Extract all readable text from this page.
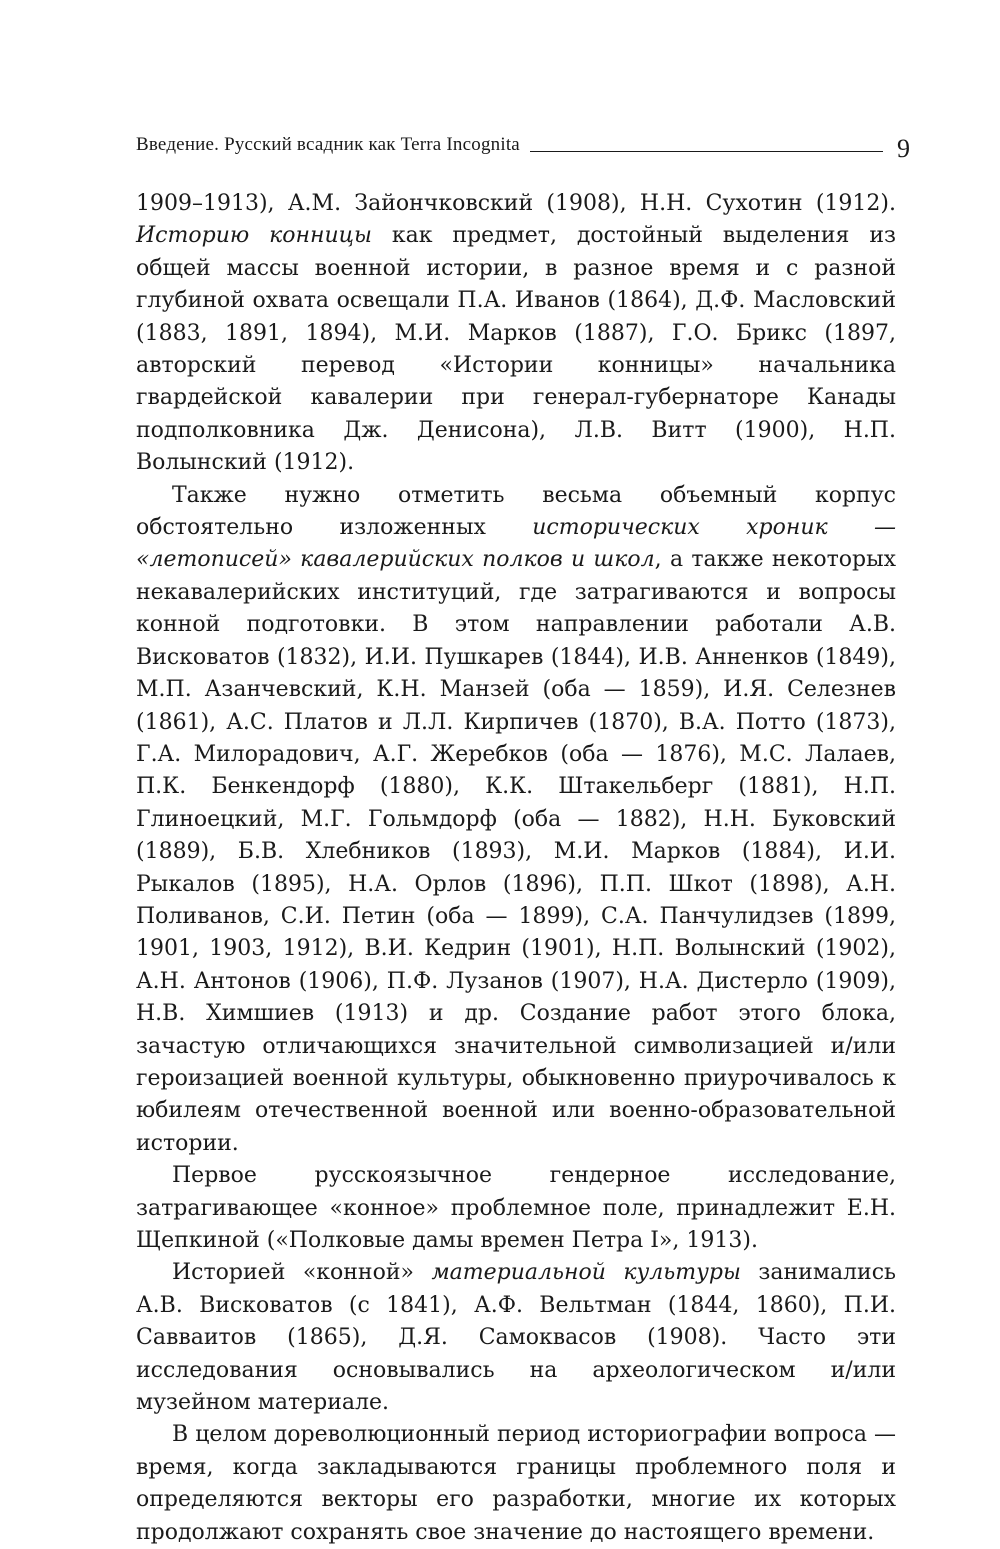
Введение. Русский всадник как Terra Incognita	9

1909–1913), А.М. Зайончковский (1908), Н.Н. Сухотин (1912). Историю конницы как предмет, достойный выделения из общей массы военной истории, в разное время и с разной глубиной охвата освещали П.А. Иванов (1864), Д.Ф. Масловский (1883, 1891, 1894), М.И. Марков (1887), Г.О. Брикс (1897, авторский перевод «Истории конницы» начальника гвардейской кавалерии при генерал-губернаторе Канады подполковника Дж. Денисона), Л.В. Витт (1900), Н.П. Волынский (1912).

Также нужно отметить весьма объемный корпус обстоятельно изложенных исторических хроник — «летописей» кавалерийских полков и школ, а также некоторых некавалерийских институций, где затрагиваются и вопросы конной подготовки. В этом направлении работали А.В. Висковатов (1832), И.И. Пушкарев (1844), И.В. Анненков (1849), М.П. Азанчевский, К.Н. Манзей (оба — 1859), И.Я. Селезнев (1861), А.С. Платов и Л.Л. Кирпичев (1870), В.А. Потто (1873), Г.А. Милорадович, А.Г. Жеребков (оба — 1876), М.С. Лалаев, П.К. Бенкендорф (1880), К.К. Штакельберг (1881), Н.П. Глиноецкий, М.Г. Гольмдорф (оба — 1882), Н.Н. Буковский (1889), Б.В. Хлебников (1893), М.И. Марков (1884), И.И. Рыкалов (1895), Н.А. Орлов (1896), П.П. Шкот (1898), А.Н. Поливанов, С.И. Петин (оба — 1899), С.А. Панчулидзев (1899, 1901, 1903, 1912), В.И. Кедрин (1901), Н.П. Волынский (1902), А.Н. Антонов (1906), П.Ф. Лузанов (1907), Н.А. Дистерло (1909), Н.В. Химшиев (1913) и др. Создание работ этого блока, зачастую отличающихся значительной символизацией и/или героизацией военной культуры, обыкновенно приурочивалось к юбилеям отечественной военной или военно-образовательной истории.

Первое русскоязычное гендерное исследование, затрагивающее «конное» проблемное поле, принадлежит Е.Н. Щепкиной («Полковые дамы времен Петра I», 1913).

Историей «конной» материальной культуры занимались А.В. Висковатов (с 1841), А.Ф. Вельтман (1844, 1860), П.И. Савваитов (1865), Д.Я. Самоквасов (1908). Часто эти исследования основывались на археологическом и/или музейном материале.

В целом дореволюционный период историографии вопроса — время, когда закладываются границы проблемного поля и определяются векторы его разработки, многие их которых продолжают сохранять свое значение до настоящего времени.
